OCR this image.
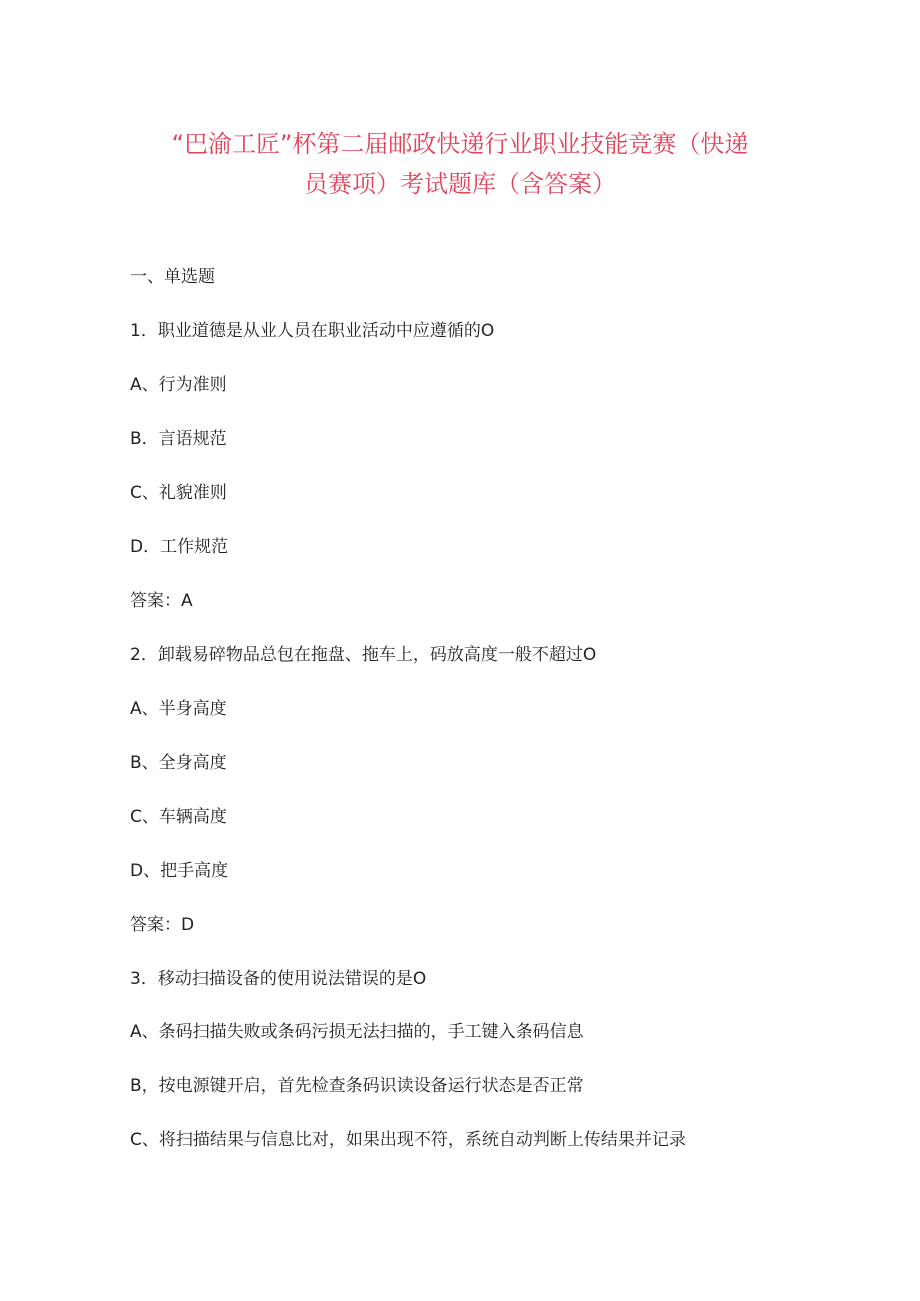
“巴渝工匠”杯第二届邮政快递行业职业技能竞赛（快递
员赛项）考试题库（含答案）
一、单选题
1．职业道德是从业人员在职业活动中应遵循的O
A、行为准则
B．言语规范
C、礼貌准则
D．工作规范
答案：A
2．卸载易碎物品总包在拖盘、拖车上，码放高度一般不超过O
A、半身高度
B、全身高度
C、车辆高度
D、把手高度
答案：D
3．移动扫描设备的使用说法错误的是O
A、条码扫描失败或条码污损无法扫描的，手工键入条码信息
B，按电源键开启，首先检查条码识读设备运行状态是否正常
C、将扫描结果与信息比对，如果出现不符，系统自动判断上传结果并记录
